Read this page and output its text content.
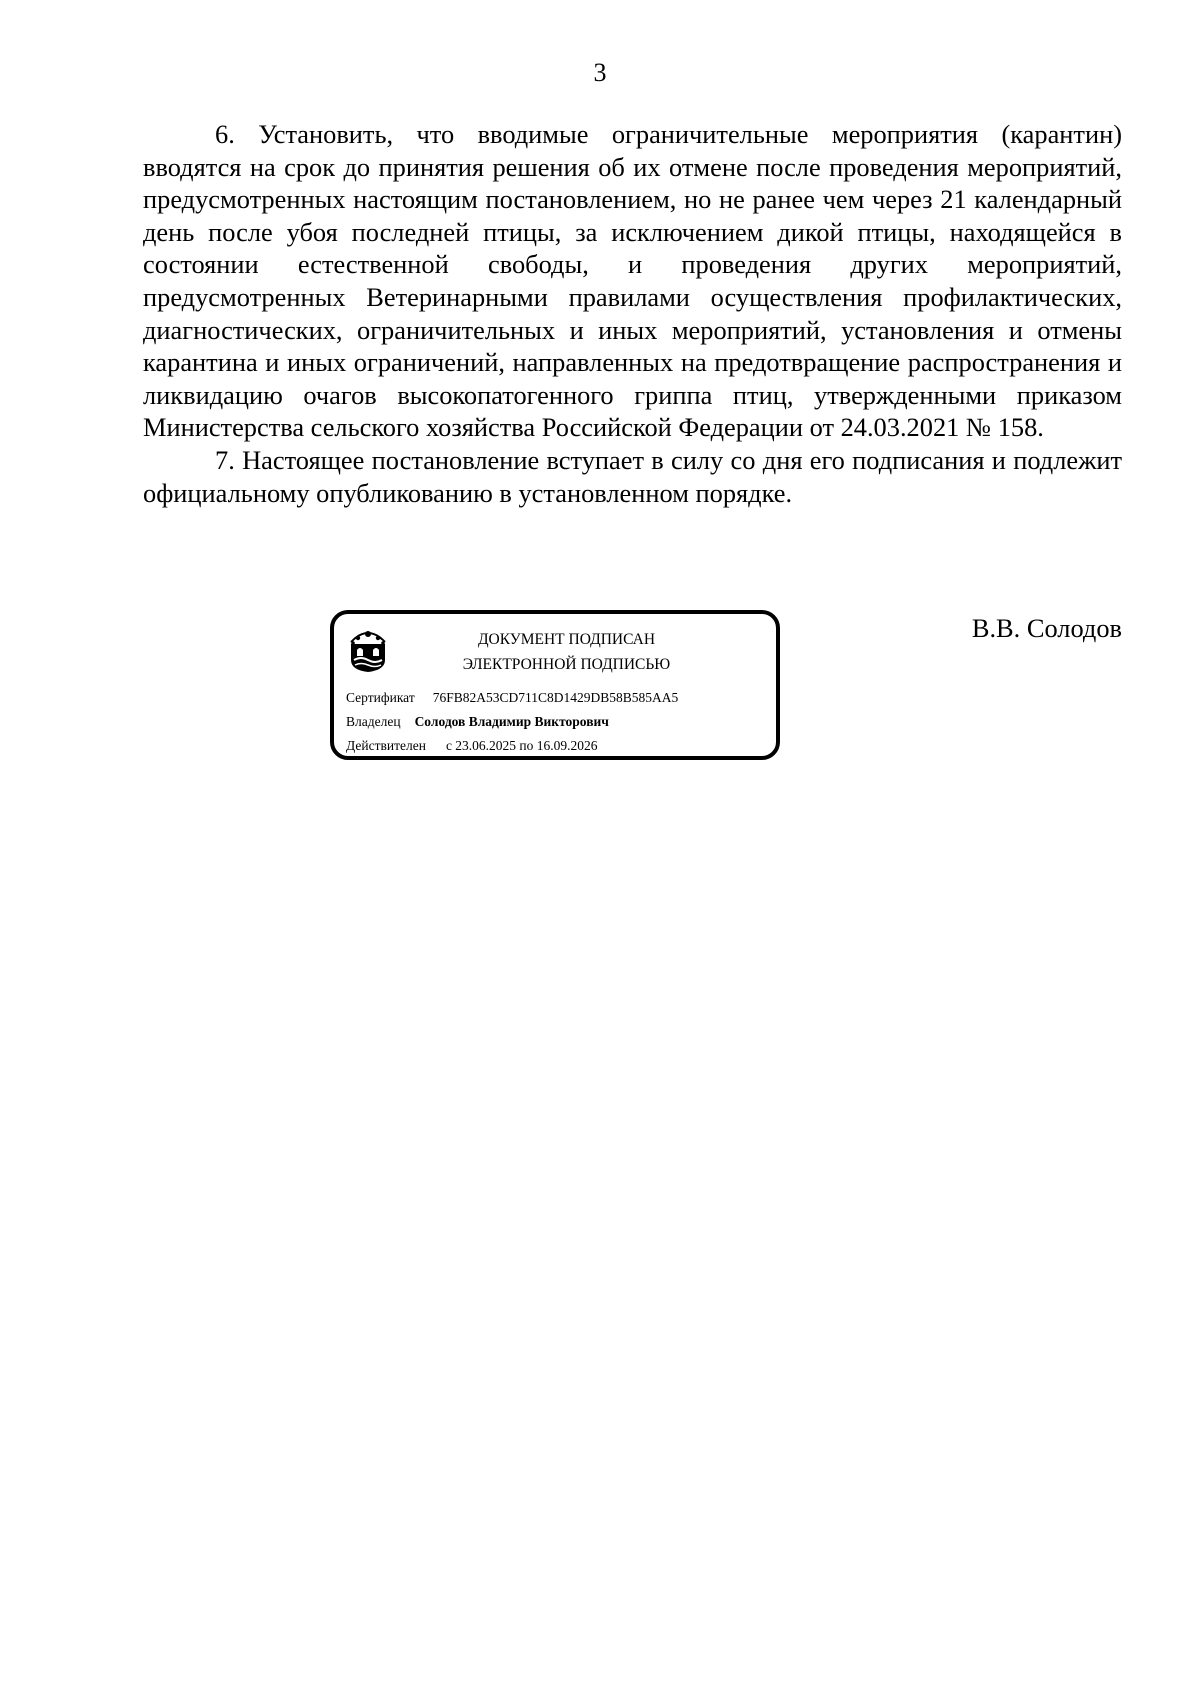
3

6. Установить, что вводимые ограничительные мероприятия (карантин) вводятся на срок до принятия решения об их отмене после проведения мероприятий, предусмотренных настоящим постановлением, но не ранее чем через 21 календарный день после убоя последней птицы, за исключением дикой птицы, находящейся в состоянии естественной свободы, и проведения других мероприятий, предусмотренных Ветеринарными правилами осуществления профилактических, диагностических, ограничительных и иных мероприятий, установления и отмены карантина и иных ограничений, направленных на предотвращение распространения и ликвидацию очагов высокопатогенного гриппа птиц, утвержденными приказом Министерства сельского хозяйства Российской Федерации от 24.03.2021 № 158.

7. Настоящее постановление вступает в силу со дня его подписания и подлежит официальному опубликованию в установленном порядке.

ДОКУМЕНТ ПОДПИСАН
ЭЛЕКТРОННОЙ ПОДПИСЬЮ
Сертификат 76FB82A53CD711C8D1429DB58B585AA5
Владелец Солодов Владимир Викторович
Действителен с 23.06.2025 по 16.09.2026
В.В. Солодов
